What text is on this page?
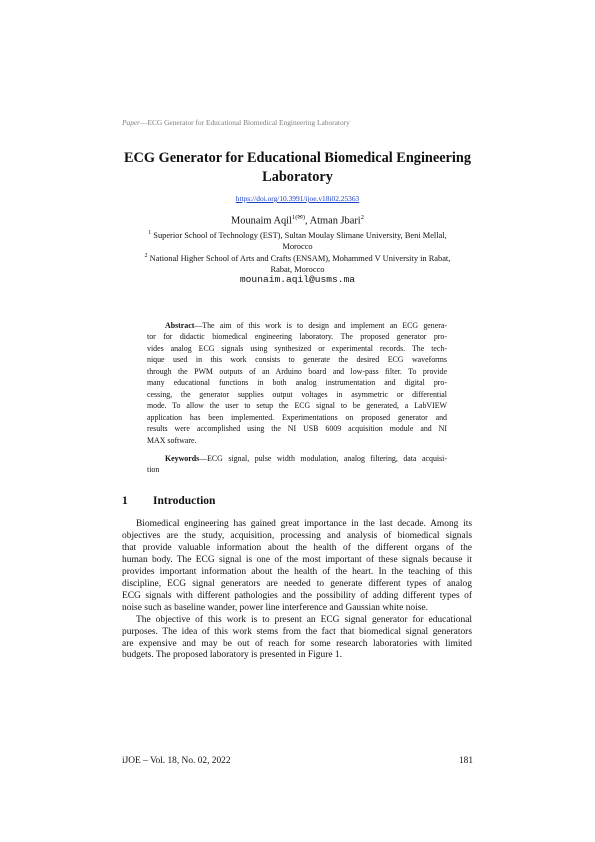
Paper—ECG Generator for Educational Biomedical Engineering Laboratory
ECG Generator for Educational Biomedical Engineering
Laboratory
https://doi.org/10.3991/ijoe.v18i02.25363
Mounaim Aqil$^{1(✉)}$, Atman Jbari$^2$
$^1$ Superior School of Technology (EST), Sultan Moulay Slimane University, Beni Mellal,
Morocco
$^2$ National Higher School of Arts and Crafts (ENSAM), Mohammed V University in Rabat,
Rabat, Morocco
mounaim.aqil@usms.ma
Abstract—The aim of this work is to design and implement an ECG genera-
tor for didactic biomedical engineering laboratory. The proposed generator pro-
vides analog ECG signals using synthesized or experimental records. The tech-
nique used in this work consists to generate the desired ECG waveforms
through the PWM outputs of an Arduino board and low-pass filter. To provide
many educational functions in both analog instrumentation and digital pro-
cessing, the generator supplies output voltages in asymmetric or differential
mode. To allow the user to setup the ECG signal to be generated, a LabVIEW
application has been implemented. Experimentations on proposed generator and
results were accomplished using the NI USB 6009 acquisition module and NI
MAX software.
Keywords—ECG signal, pulse width modulation, analog filtering, data acquisi-
tion
1 Introduction
Biomedical engineering has gained great importance in the last decade. Among its
objectives are the study, acquisition, processing and analysis of biomedical signals
that provide valuable information about the health of the different organs of the
human body. The ECG signal is one of the most important of these signals because it
provides important information about the health of the heart. In the teaching of this
discipline, ECG signal generators are needed to generate different types of analog
ECG signals with different pathologies and the possibility of adding different types of
noise such as baseline wander, power line interference and Gaussian white noise.
The objective of this work is to present an ECG signal generator for educational
purposes. The idea of this work stems from the fact that biomedical signal generators
are expensive and may be out of reach for some research laboratories with limited
budgets. The proposed laboratory is presented in Figure 1.
iJOE ‒ Vol. 18, No. 02, 2022	181
